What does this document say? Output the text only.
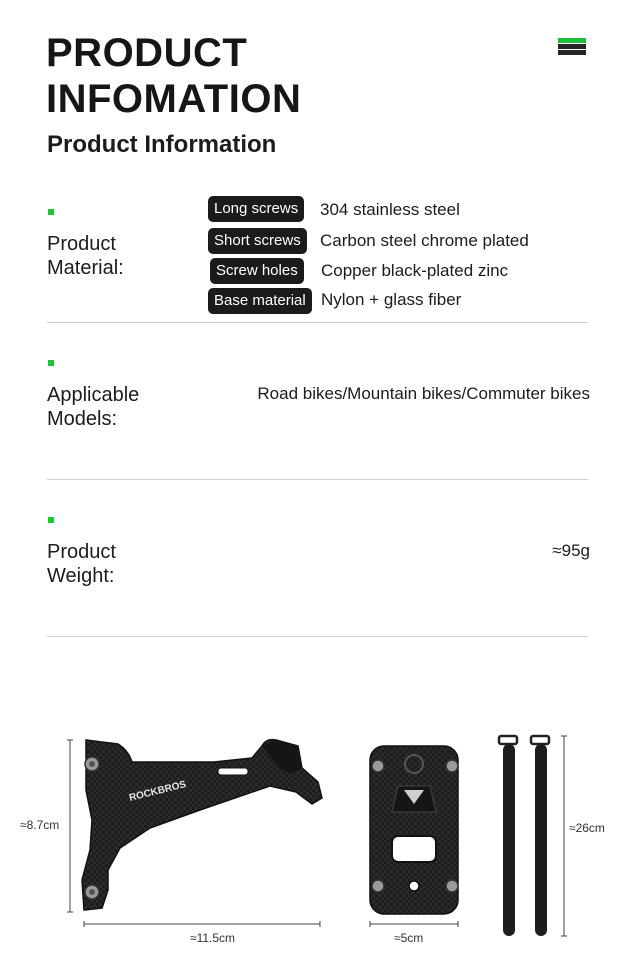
PRODUCT
INFOMATION
Product Information
Product
Material:
Long screws	304 stainless steel
Short screws	Carbon steel chrome plated
Screw holes	Copper black-plated zinc
Base material Nylon + glass fiber
Applicable
Models:
Road bikes/Mountain bikes/Commuter bikes
Product
Weight:
≈95g
ROCKBROS
≈8.7cm
≈11.5cm	≈5cm
≈26cm
